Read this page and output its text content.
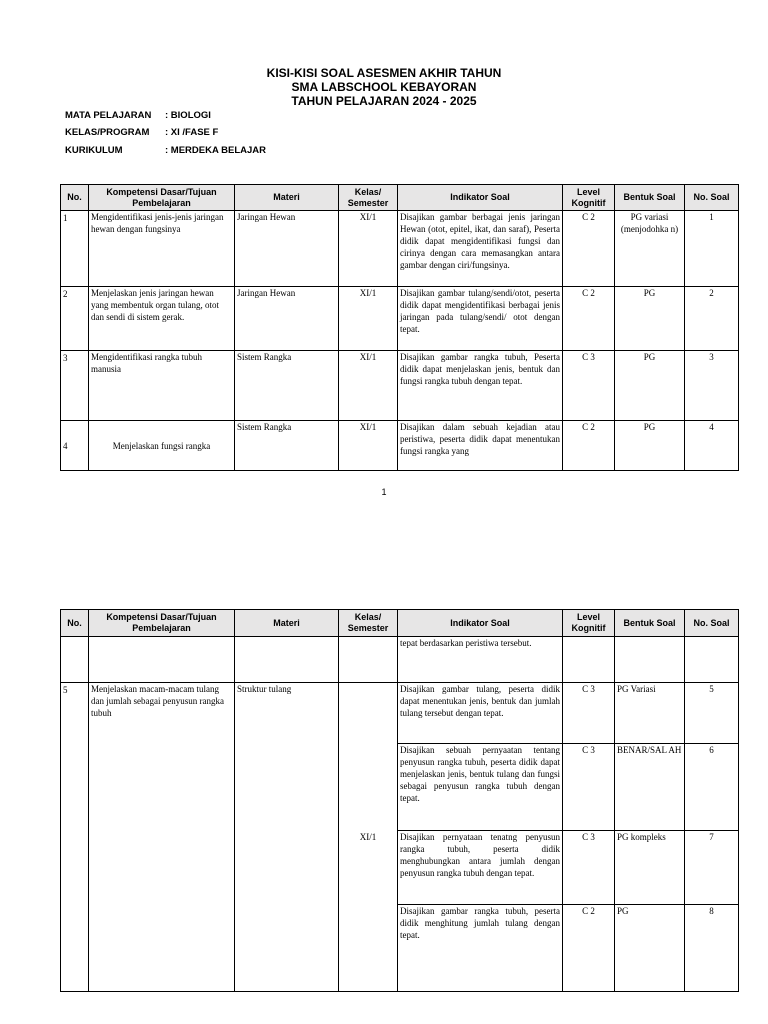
KISI-KISI SOAL ASESMEN AKHIR TAHUN
SMA LABSCHOOL KEBAYORAN
TAHUN PELAJARAN 2024 - 2025
MATA PELAJARAN : BIOLOGI
KELAS/PROGRAM : XI /FASE F
KURIKULUM	: MERDEKA BELAJAR
No.	Kompetensi Dasar/Tujuan Pembelajaran	Materi	Kelas/ Semester	Indikator Soal	Level Kognitif	Bentuk Soal	No. Soal
1	Mengidentifikasi jenis-jenis jaringan hewan dengan fungsinya	Jaringan Hewan	XI/1	Disajikan gambar berbagai jenis jaringan Hewan (otot, epitel, ikat, dan saraf), Peserta didik dapat mengidentifikasi fungsi dan cirinya dengan cara memasangkan antara gambar dengan ciri/fungsinya.	C 2	PG variasi (menjodohka n)	1
2	Menjelaskan jenis jaringan hewan yang membentuk organ tulang, otot dan sendi di sistem gerak.	Jaringan Hewan	XI/1	Disajikan gambar tulang/sendi/otot, peserta didik dapat mengidentifikasi berbagai jenis jaringan pada tulang/sendi/ otot dengan tepat.	C 2	PG	2
3	Mengidentifikasi rangka tubuh manusia	Sistem Rangka	XI/1	Disajikan gambar rangka tubuh, Peserta didik dapat menjelaskan jenis, bentuk dan fungsi rangka tubuh dengan tepat.	C 3	PG	3
4	Menjelaskan fungsi rangka	Sistem Rangka	XI/1	Disajikan dalam sebuah kejadian atau peristiwa, peserta didik dapat menentukan fungsi rangka yang	C 2	PG	4
1
No.	Kompetensi Dasar/Tujuan Pembelajaran	Materi	Kelas/ Semester	Indikator Soal	Level Kognitif	Bentuk Soal	No. Soal
				tepat berdasarkan peristiwa tersebut.			
5	Menjelaskan macam-macam tulang dan jumlah sebagai penyusun rangka tubuh	Struktur tulang	XI/1	Disajikan gambar tulang, peserta didik dapat menentukan jenis, bentuk dan jumlah tulang tersebut dengan tepat.	C 3	PG Variasi	5
				Disajikan sebuah pernyaatan tentang penyusun rangka tubuh, peserta didik dapat menjelaskan jenis, bentuk tulang dan fungsi sebagai penyusun rangka tubuh dengan tepat.	C 3	BENAR/SAL AH	6
				Disajikan pernyataan tenatng penyusun rangka tubuh, peserta didik menghubungkan antara jumlah dengan penyusun rangka tubuh dengan tepat.	C 3	PG kompleks	7
				Disajikan gambar rangka tubuh, peserta didik menghitung jumlah tulang dengan tepat.	C 2	PG	8
